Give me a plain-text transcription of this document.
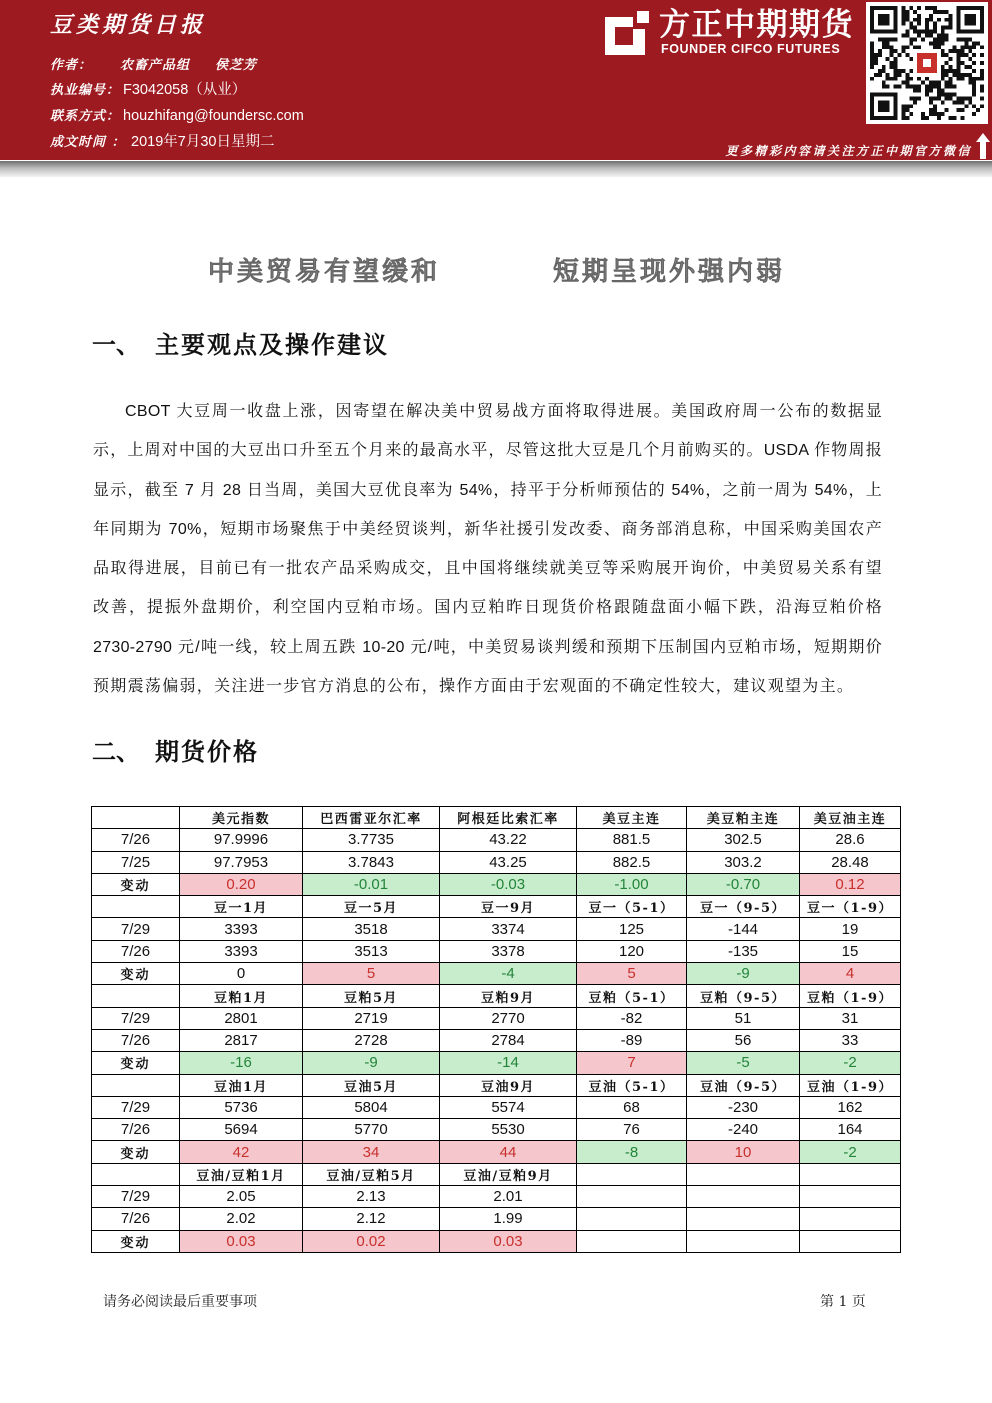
豆类期货日报
作者： 农畜产品组 侯芝芳
执业编号： F3042058（从业）
联系方式： houzhifang@foundersc.com
成文时间 ： 2019年7月30日星期二
方正中期期货
FOUNDER CIFCO FUTURES
更多精彩内容请关注方正中期官方微信
中美贸易有望缓和	短期呈现外强内弱
一、 主要观点及操作建议
CBOT 大豆周一收盘上涨，因寄望在解决美中贸易战方面将取得进展。美国政府周一公布的数据显
示，上周对中国的大豆出口升至五个月来的最高水平，尽管这批大豆是几个月前购买的。USDA 作物周报
显示，截至 7 月 28 日当周，美国大豆优良率为 54%，持平于分析师预估的 54%，之前一周为 54%，上
年同期为 70%，短期市场聚焦于中美经贸谈判，新华社援引发改委、商务部消息称，中国采购美国农产
品取得进展，目前已有一批农产品采购成交，且中国将继续就美豆等采购展开询价，中美贸易关系有望
改善，提振外盘期价，利空国内豆粕市场。国内豆粕昨日现货价格跟随盘面小幅下跌，沿海豆粕价格
2730-2790 元/吨一线，较上周五跌 10-20 元/吨，中美贸易谈判缓和预期下压制国内豆粕市场，短期期价
预期震荡偏弱，关注进一步官方消息的公布，操作方面由于宏观面的不确定性较大，建议观望为主。
二、 期货价格
美元指数	巴西雷亚尔汇率	阿根廷比索汇率	美豆主连	美豆粕主连	美豆油主连
7/26	97.9996	3.7735	43.22	881.5	302.5	28.6
7/25	97.7953	3.7843	43.25	882.5	303.2	28.48
变动	0.20	-0.01	-0.03	-1.00	-0.70	0.12
豆一1月	豆一5月	豆一9月	豆一（5-1）	豆一（9-5）	豆一（1-9）
7/29	3393	3518	3374	125	-144	19
7/26	3393	3513	3378	120	-135	15
变动	0	5	-4	5	-9	4
豆粕1月	豆粕5月	豆粕9月	豆粕（5-1）	豆粕（9-5）	豆粕（1-9）
7/29	2801	2719	2770	-82	51	31
7/26	2817	2728	2784	-89	56	33
变动	-16	-9	-14	7	-5	-2
豆油1月	豆油5月	豆油9月	豆油（5-1）	豆油（9-5）	豆油（1-9）
7/29	5736	5804	5574	68	-230	162
7/26	5694	5770	5530	76	-240	164
变动	42	34	44	-8	10	-2
豆油/豆粕1月	豆油/豆粕5月	豆油/豆粕9月
7/29	2.05	2.13	2.01
7/26	2.02	2.12	1.99
变动	0.03	0.02	0.03
请务必阅读最后重要事项	第 1 页
